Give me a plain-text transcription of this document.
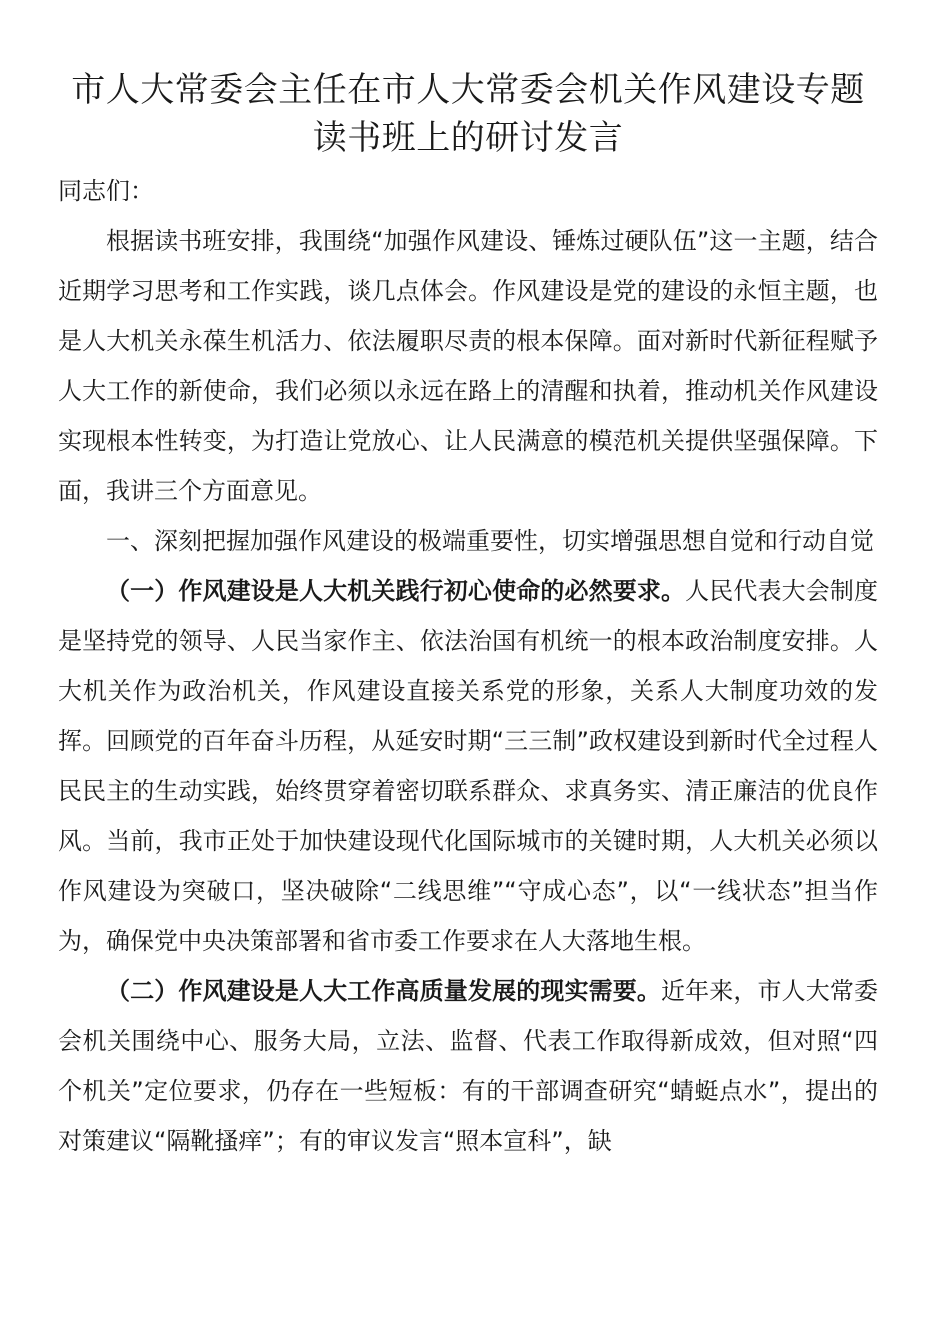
市人大常委会主任在市人大常委会机关作风建设专题
读书班上的研讨发言

同志们：

根据读书班安排，我围绕“加强作风建设、锤炼过硬队伍”这一主题，结合近期学习思考和工作实践，谈几点体会。作风建设是党的建设的永恒主题，也是人大机关永葆生机活力、依法履职尽责的根本保障。面对新时代新征程赋予人大工作的新使命，我们必须以永远在路上的清醒和执着，推动机关作风建设实现根本性转变，为打造让党放心、让人民满意的模范机关提供坚强保障。下面，我讲三个方面意见。

一、深刻把握加强作风建设的极端重要性，切实增强思想自觉和行动自觉

（一）作风建设是人大机关践行初心使命的必然要求。人民代表大会制度是坚持党的领导、人民当家作主、依法治国有机统一的根本政治制度安排。人大机关作为政治机关，作风建设直接关系党的形象，关系人大制度功效的发挥。回顾党的百年奋斗历程，从延安时期“三三制”政权建设到新时代全过程人民民主的生动实践，始终贯穿着密切联系群众、求真务实、清正廉洁的优良作风。当前，我市正处于加快建设现代化国际城市的关键时期，人大机关必须以作风建设为突破口，坚决破除“二线思维”“守成心态”，以“一线状态”担当作为，确保党中央决策部署和省市委工作要求在人大落地生根。

（二）作风建设是人大工作高质量发展的现实需要。近年来，市人大常委会机关围绕中心、服务大局，立法、监督、代表工作取得新成效，但对照“四个机关”定位要求，仍存在一些短板：有的干部调查研究“蜻蜓点水”，提出的对策建议“隔靴搔痒”；有的审议发言“照本宣科”，缺
